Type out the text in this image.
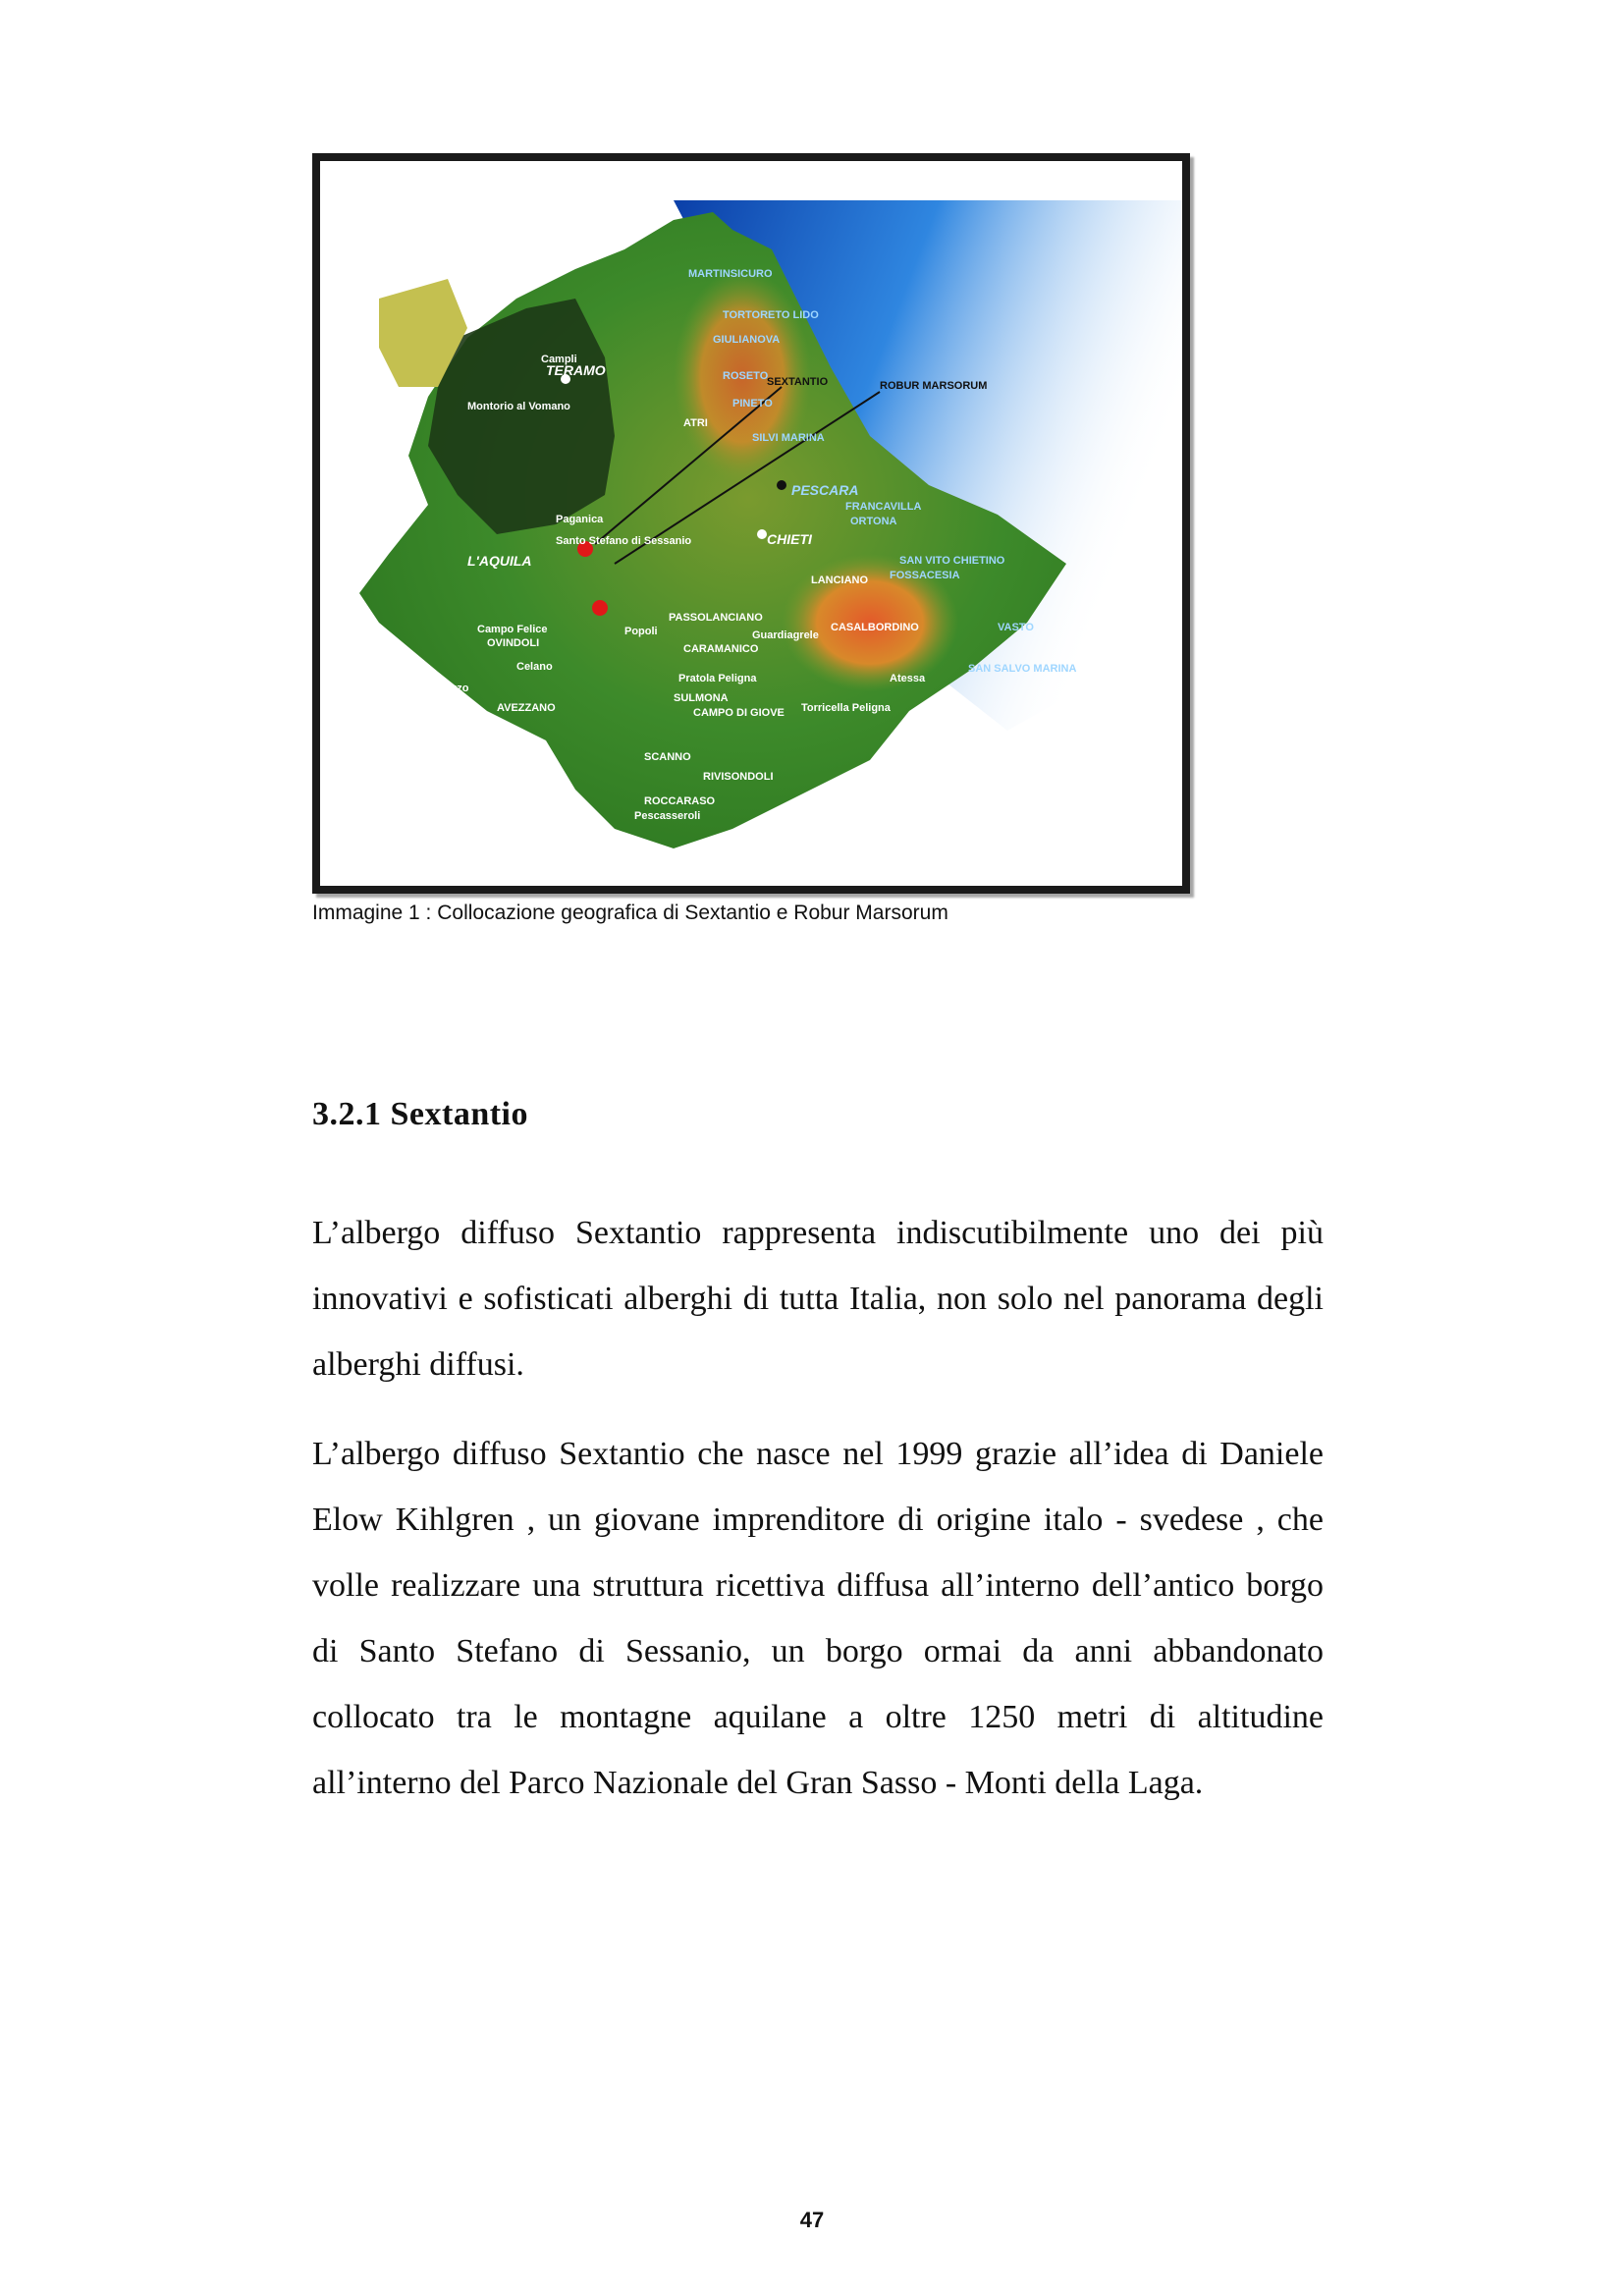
SEXTANTIO	ROBUR MARSORUM
TERAMO
PESCARA
CHIETI
L'AQUILA
LANCIANO
VASTO
AVEZZANO
SULMONA
SCANNO
ATRI
ORTONA
Campli
Montorio al Vomano
Santo Stefano di Sessanio
Campo Felice
OVINDOLI
Pescasseroli
ROCCARASO
RIVISONDOLI
CARAMANICO
PASSOLANCIANO
FRANCAVILLA
GIULIANOVA
TORTORETO LIDO
MARTINSICURO
SILVI MARINA
ROSETO
PINETO
CASALBORDINO
SAN SALVO MARINA
CAMPO DI GIOVE
Tagliacozzo
Carsoli	Celano
Popoli
Paganica
Pratola Peligna	Atessa
Torricella Peligna
Guardiagrele
FOSSACESIA
SAN VITO CHIETINO
Immagine 1 : Collocazione geografica di Sextantio e Robur Marsorum
3.2.1 Sextantio
L’albergo diffuso Sextantio rappresenta indiscutibilmente uno dei più innovativi e sofisticati alberghi di tutta Italia, non solo nel panorama degli alberghi diffusi.
L’albergo diffuso Sextantio che nasce nel 1999 grazie all’idea di Daniele Elow Kihlgren , un giovane imprenditore di origine italo - svedese , che volle realizzare una struttura ricettiva diffusa all’interno dell’antico borgo di Santo Stefano di Sessanio, un borgo ormai da anni abbandonato collocato tra le montagne aquilane a oltre 1250 metri di altitudine all’interno del Parco Nazionale del Gran Sasso - Monti della Laga.
47
